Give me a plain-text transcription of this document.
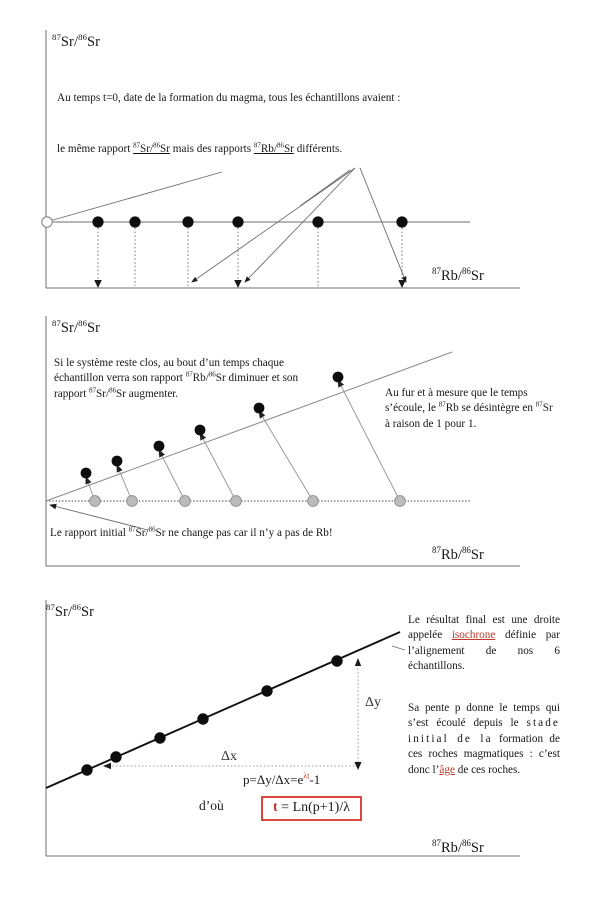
$^{87}$Sr/$^{86}$Sr
Au temps t=0, date de la formation du magma, tous les échantillons avaient :
le même rapport $^{87}$Sr/$^{86}$Sr mais des rapports $^{87}$Rb/$^{86}$Sr différents.
$^{87}$Rb/$^{86}$Sr
$^{87}$Sr/$^{86}$Sr
Si le système reste clos, au bout d’un temps chaque échantillon verra son rapport $^{87}$Rb/$^{86}$Sr diminuer et son rapport $^{87}$Sr/$^{86}$Sr augmenter.	Au fur et à mesure que le temps s’écoule, le $^{87}$Rb se désintègre en $^{87}$Sr à raison de 1 pour 1.
Le rapport initial $^{87}$Sr/$^{86}$Sr ne change pas car il n’y a pas de Rb!
$^{87}$Rb/$^{86}$Sr
$^{87}$Sr/$^{86}$Sr	Le résultat final est une droite appelée isochrone définie par l’alignement de nos 6 échantillons.
Sa pente p donne le temps qui s’est écoulé depuis le stade initial de la formation de ces roches magmatiques : c’est donc l’âge de ces roches.
Δx
Δy
$p=\Delta y/\Delta x=e^{\lambda t}-1$
d’où	t = Ln(p+1)/λ
$^{87}$Rb/$^{86}$Sr
